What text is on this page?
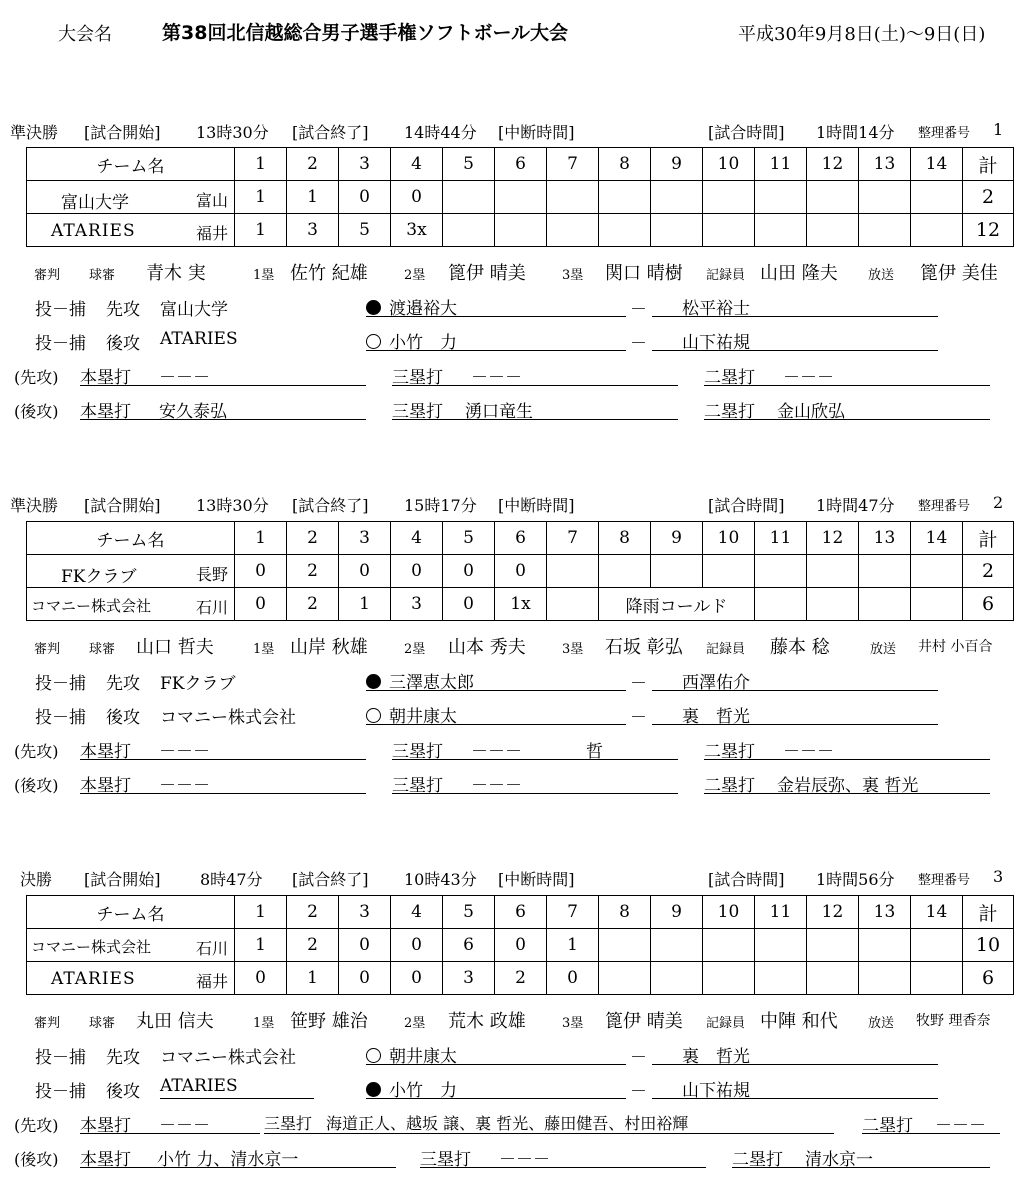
大会名	第38回北信越総合男子選手権ソフトボール大会	平成30年9月8日(土)～9日(日)
準決勝 [試合開始] 13時30分 [試合終了] 14時44分 [中断時間]	[試合時間] 1時間14分 整理番号 1
チーム名	1	2	3	4	5	6	7	8	9	10	11	12	13	14	計

富山大学 富山	1	1	0	0											2

ATARIES 福井	1	3	5	3x											12
審判 球審 青木 実	1塁 佐竹 紀雄	2塁 篦伊 晴美	3塁 関口 晴樹 記録員 山田 隆夫 放送 篦伊 美佳
投－捕 先攻 富山大学	渡邉裕大	－	松平裕士
投－捕 後攻 ATARIES	小竹　力	－	山下祐規
(先攻) 本塁打 －－－	三塁打 －－－	二塁打 －－－
(後攻) 本塁打 安久泰弘	三塁打 湧口竜生	二塁打 金山欣弘
準決勝 [試合開始] 13時30分 [試合終了] 15時17分 [中断時間]	[試合時間] 1時間47分 整理番号 2
チーム名	1	2	3	4	5	6	7	8	9	10	11	12	13	14	計

FKクラブ 長野	0	2	0	0	0	0									2

コマニー株式会社 石川	0	2	1	3	0	1x		降雨コールド							6
審判 球審 山口 哲夫	1塁 山岸 秋雄	2塁 山本 秀夫	3塁 石坂 彰弘 記録員 藤本 稔	放送 井村 小百合
投－捕 先攻 FKクラブ	三澤恵太郎	－	西澤佑介
投－捕 後攻 コマニー株式会社	朝井康太	－	裏　哲光
(先攻) 本塁打 －－－	三塁打 －－－	哲	二塁打 －－－
(後攻) 本塁打 －－－	三塁打 －－－	二塁打 金岩辰弥、裏 哲光
決勝 [試合開始] 8時47分 [試合終了] 10時43分 [中断時間]	[試合時間] 1時間56分 整理番号 3
チーム名	1	2	3	4	5	6	7	8	9	10	11	12	13	14	計

コマニー株式会社 石川	1	2	0	0	6	0	1								10

ATARIES 福井	0	1	0	0	3	2	0								6
審判 球審 丸田 信夫	1塁 笹野 雄治	2塁 荒木 政雄	3塁 篦伊 晴美 記録員 中陣 和代 放送 牧野 理香奈
投－捕 先攻 コマニー株式会社	朝井康太	－	裏　哲光
投－捕 後攻 ATARIES	小竹　力	－	山下祐規
(先攻) 本塁打 －－－	三塁打 海道正人、越坂 譲、裏 哲光、藤田健吾、村田裕輝	二塁打 －－－
(後攻) 本塁打 小竹 力、清水京一	三塁打 －－－	二塁打 清水京一
